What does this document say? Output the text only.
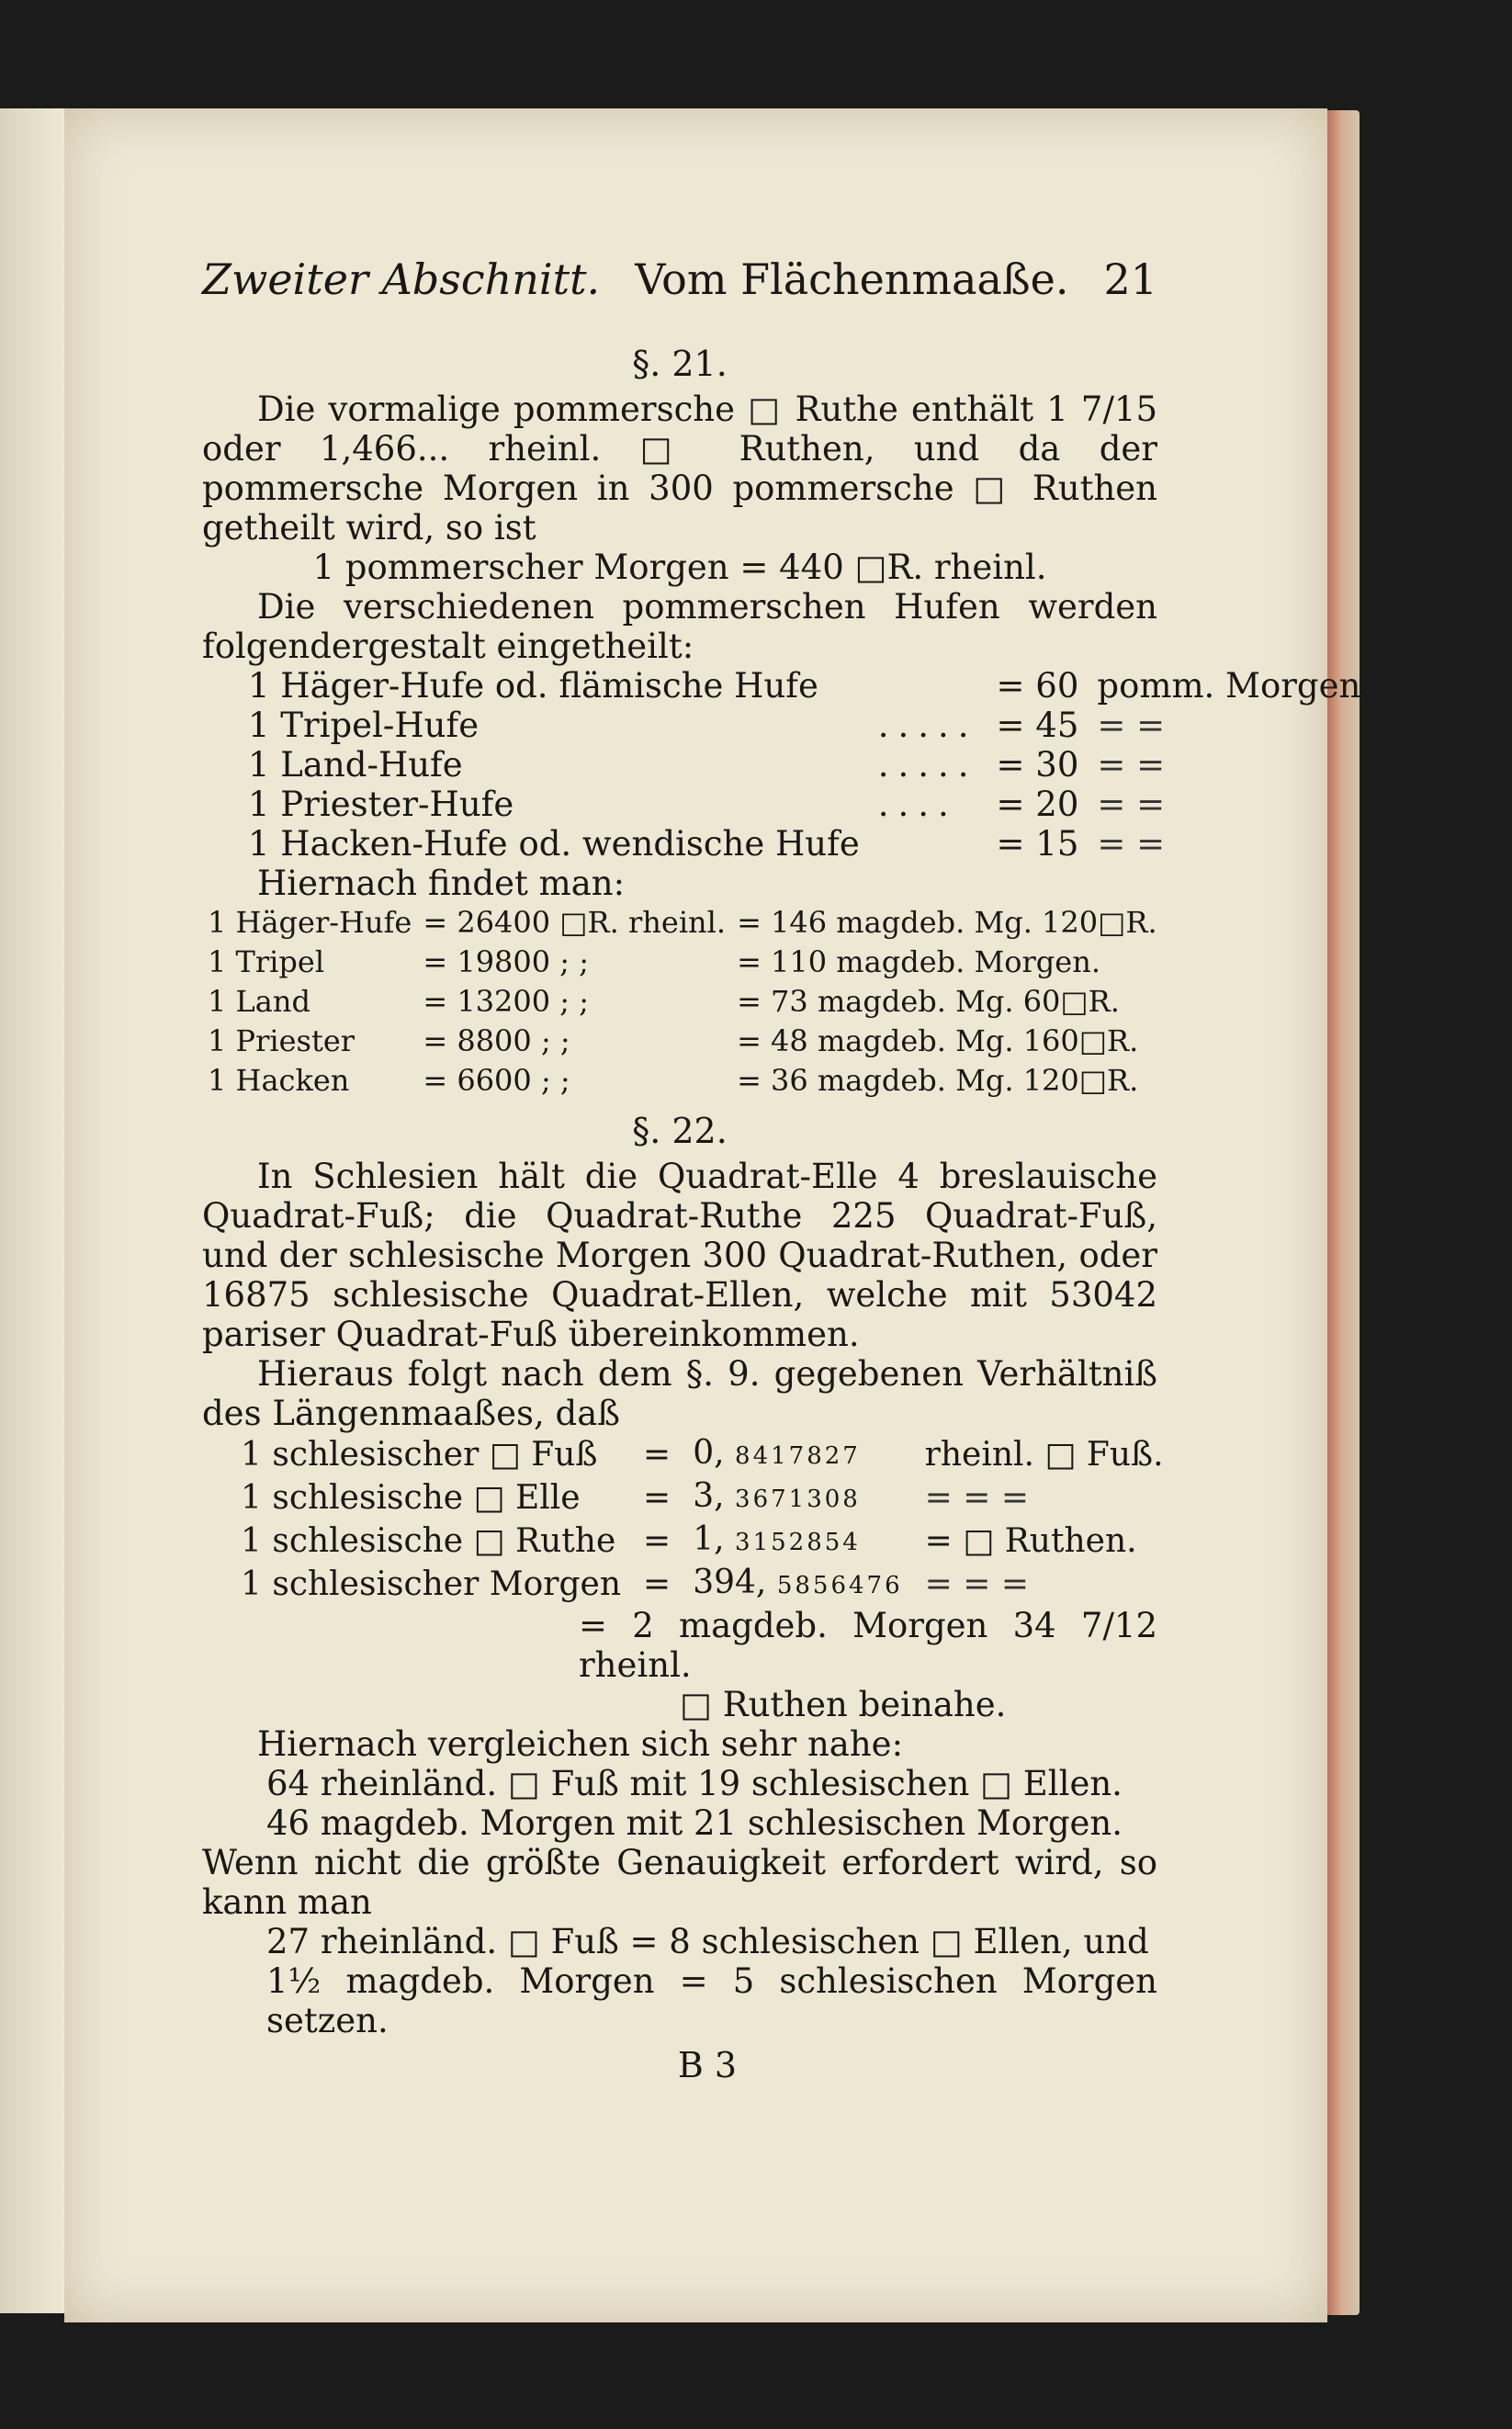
Zweiter Abschnitt. Vom Flächenmaaße. 21
§. 21.

Die vormalige pommersche □ Ruthe enthält 1 7/15 oder 1,466... rheinl. □ Ruthen, und da der pommersche Morgen in 300 pommersche □ Ruthen getheilt wird, so ist

1 pommerscher Morgen = 440 □R. rheinl.

Die verschiedenen pommerschen Hufen werden folgendergestalt eingetheilt:

1 Häger-Hufe od. flämische Hufe		= 60	pomm. Morgen.
1 Tripel-Hufe	.....	= 45	= =
1 Land-Hufe	.....	= 30	= =
1 Priester-Hufe	....	= 20	= =
1 Hacken-Hufe od. wendische Hufe		= 15	= =

Hiernach findet man:

1 Häger-Hufe	= 26400 □R. rheinl.	= 146 magdeb. Mg. 120□R.
1 Tripel	= 19800 ; ;	= 110 magdeb. Morgen.
1 Land	= 13200 ; ;	= 73 magdeb. Mg. 60□R.
1 Priester	= 8800 ; ;	= 48 magdeb. Mg. 160□R.
1 Hacken	= 6600 ; ;	= 36 magdeb. Mg. 120□R.
§. 22.

In Schlesien hält die Quadrat-Elle 4 breslauische Quadrat-Fuß; die Quadrat-Ruthe 225 Quadrat-Fuß, und der schlesische Morgen 300 Quadrat-Ruthen, oder 16875 schlesische Quadrat-Ellen, welche mit 53042 pariser Quadrat-Fuß übereinkommen.

Hieraus folgt nach dem §. 9. gegebenen Verhältniß des Längenmaaßes, daß

1 schlesischer □ Fuß	=	0, 8417827	rheinl. □ Fuß.
1 schlesische □ Elle	=	3, 3671308	= = =
1 schlesische □ Ruthe	=	1, 3152854	= □ Ruthen.
1 schlesischer Morgen	=	394, 5856476	= = =

= 2 magdeb. Morgen 34 7/12 rheinl.

□ Ruthen beinahe.

Hiernach vergleichen sich sehr nahe:

64 rheinländ. □ Fuß mit 19 schlesischen □ Ellen.

46 magdeb. Morgen mit 21 schlesischen Morgen.

Wenn nicht die größte Genauigkeit erfordert wird, so kann man

27 rheinländ. □ Fuß = 8 schlesischen □ Ellen, und

1½ magdeb. Morgen = 5 schlesischen Morgen setzen.

B 3
